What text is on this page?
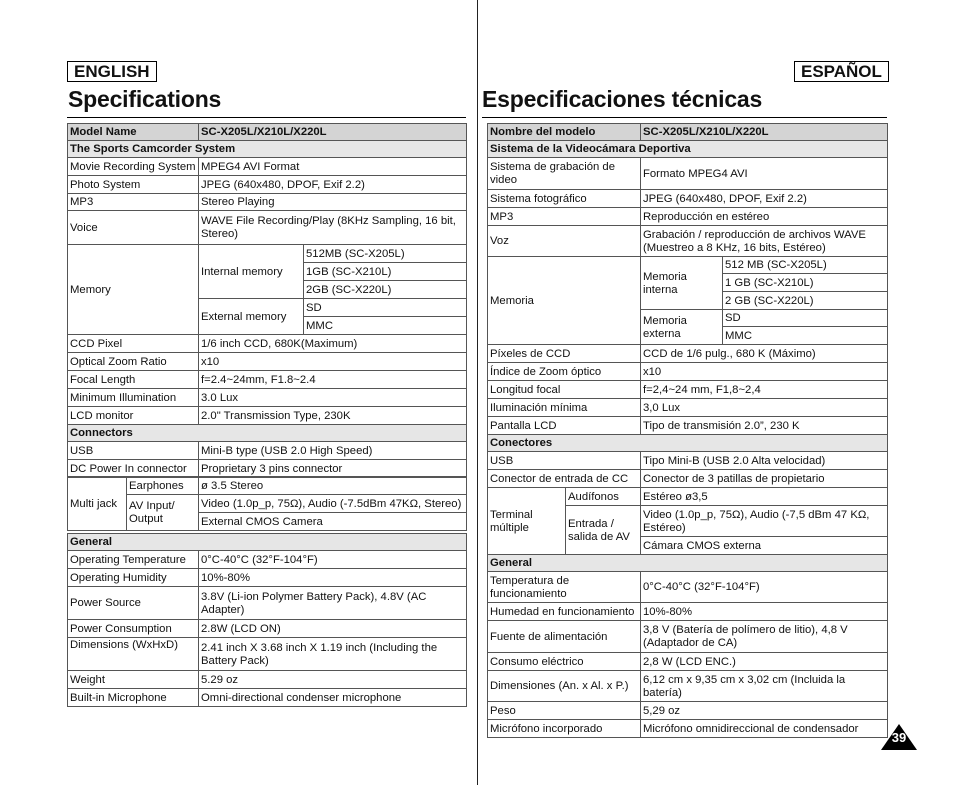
ENGLISH
Specifications
Model Name	SC-X205L/X210L/X220L	
The Sports Camcorder System		
Movie Recording System	MPEG4 AVI Format	
Photo System	JPEG (640x480, DPOF, Exif 2.2)	
MP3	Stereo Playing	
Voice	WAVE File Recording/Play (8KHz Sampling, 16 bit, Stereo)	
Memory	Internal memory	512MB (SC-X205L)
		1GB (SC-X210L)
		2GB (SC-X220L)
	External memory	SD
		MMC
CCD Pixel	1/6 inch CCD, 680K(Maximum)	
Optical Zoom Ratio	x10	
Focal Length	f=2.4~24mm, F1.8~2.4	
Minimum Illumination	3.0 Lux	
LCD monitor	2.0" Transmission Type, 230K	
Connectors		
USB	Mini-B type (USB 2.0 High Speed)	
DC Power In connector	Proprietary 3 pins connector	
Multi jack	Earphones	ø 3.5 Stereo
	AV Input/ Output	Video (1.0p_p, 75Ω), Audio (-7.5dBm 47KΩ, Stereo)
		External CMOS Camera
General	
Operating Temperature	0°C-40°C (32°F-104°F)
Operating Humidity	10%-80%
Power Source	3.8V (Li-ion Polymer Battery Pack), 4.8V (AC Adapter)
Power Consumption	2.8W (LCD ON)
Dimensions (WxHxD)	2.41 inch X 3.68 inch X 1.19 inch (Including the Battery Pack)
Weight	5.29 oz
Built-in Microphone	Omni-directional condenser microphone
ESPAÑOL
Especificaciones técnicas
Nombre del modelo	SC-X205L/X210L/X220L	
Sistema de la Videocámara Deportiva		
Sistema de grabación de video	Formato MPEG4 AVI	
Sistema fotográfico	JPEG (640x480, DPOF, Exif 2.2)	
MP3	Reproducción en estéreo	
Voz	Grabación / reproducción de archivos WAVE (Muestreo a 8 KHz, 16 bits, Estéreo)	
Memoria	Memoria interna	512 MB (SC-X205L)
		1 GB (SC-X210L)
		2 GB (SC-X220L)
	Memoria externa	SD
		MMC
Píxeles de CCD	CCD de 1/6 pulg., 680 K (Máximo)	
Índice de Zoom óptico	x10	
Longitud focal	f=2,4~24 mm, F1,8~2,4	
Iluminación mínima	3,0 Lux	
Pantalla LCD	Tipo de transmisión 2.0”, 230 K	
Conectores		
USB	Tipo Mini-B (USB 2.0 Alta velocidad)	
Conector de entrada de CC	Conector de 3 patillas de propietario	
Terminal múltiple	Audífonos	Estéreo ø3,5
	Entrada / salida de AV	Video (1.0p_p, 75Ω), Audio (-7,5 dBm 47 KΩ, Estéreo)
		Cámara CMOS externa
General	
Temperatura de funcionamiento	0°C-40°C (32°F-104°F)
Humedad en funcionamiento	10%-80%
Fuente de alimentación	3,8 V (Batería de polímero de litio), 4,8 V (Adaptador de CA)
Consumo eléctrico	2,8 W (LCD ENC.)
Dimensiones (An. x Al. x P.)	6,12 cm x 9,35 cm x 3,02 cm (Incluida la batería)
Peso	5,29 oz
Micrófono incorporado	Micrófono omnidireccional de condensador
39
